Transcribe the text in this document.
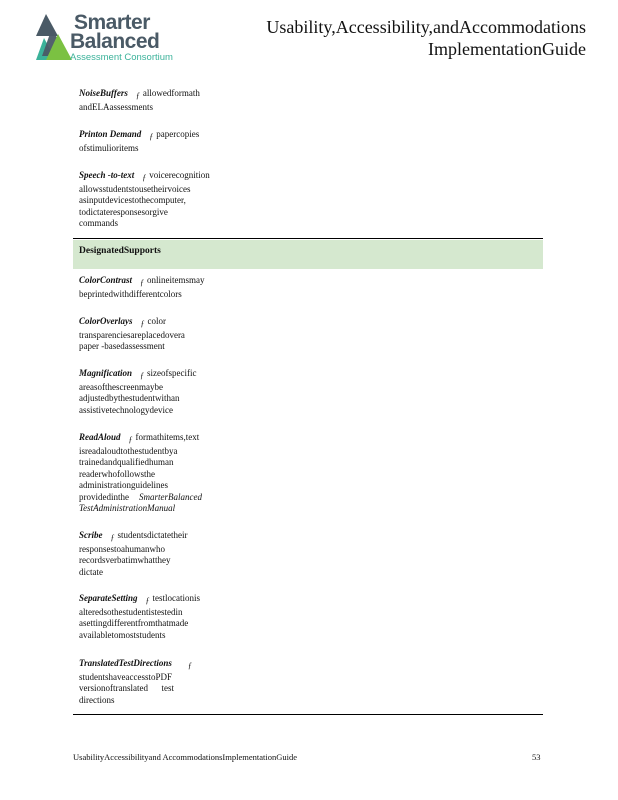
Smarter
Balanced
Assessment Consortium
Usability,Accessibility,andAccommodations
ImplementationGuide
NoiseBuffers ƒ allowedformath
andELAassessments
Printon Demand ƒ papercopies
ofstimulioritems
Speech -to-text ƒ voicerecognition
allowsstudentstousetheirvoices
asinputdevicestothecomputer,
todictateresponsesorgive
commands
DesignatedSupports
ColorContrast ƒ onlineitemsmay
beprintedwithdifferentcolors
ColorOverlays ƒ color
transparenciesareplacedovera
paper -basedassessment
Magnification ƒ sizeofspecific
areasofthescreenmaybe
adjustedbythestudentwithan
assistivetechnologydevice
ReadAloud ƒ formathitems,text
isreadaloudtothestudentbya
trainedandqualifiedhuman
readerwhofollowsthe
administrationguidelines
providedinthe SmarterBalanced
TestAdministrationManual
Scribe ƒ studentsdictatetheir
responsestoahumanwho
recordsverbatimwhatthey
dictate
SeparateSetting ƒ testlocationis
alteredsothestudentistestedin
asettingdifferentfromthatmade
availabletomoststudents
TranslatedTestDirections ƒ
studentshaveaccesstoPDF
versionoftranslated      test
directions
UsabilityAccessibilityand AccommodationsImplementationGuide	53
